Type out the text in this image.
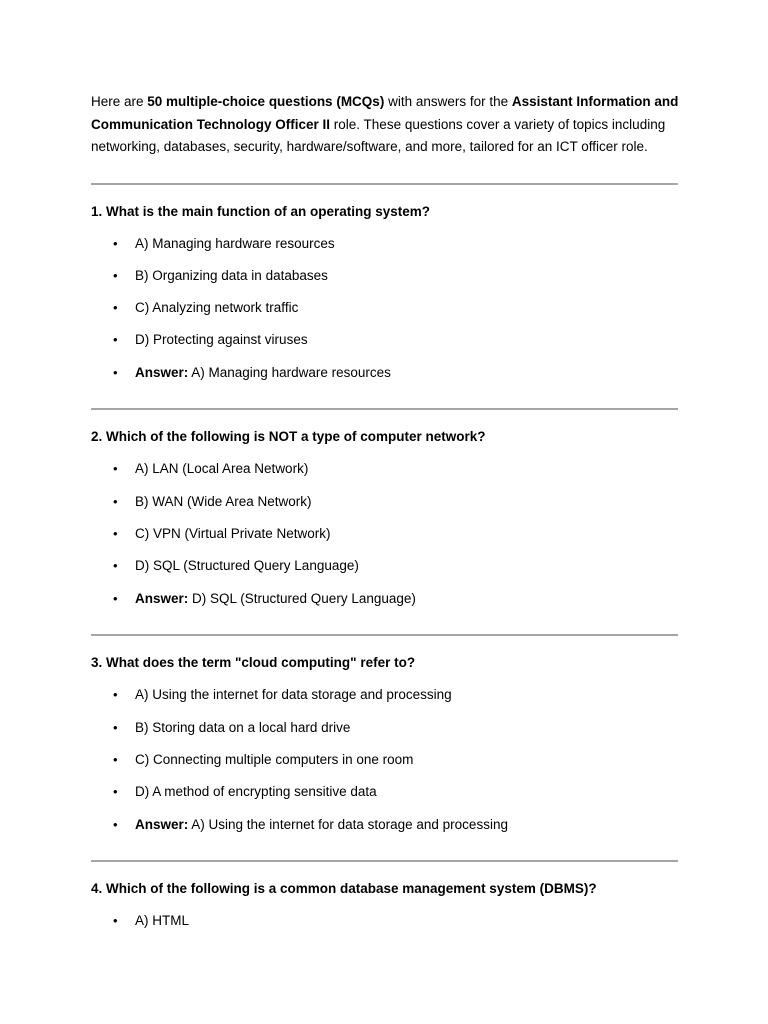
Here are 50 multiple-choice questions (MCQs) with answers for the Assistant Information and Communication Technology Officer II role. These questions cover a variety of topics including networking, databases, security, hardware/software, and more, tailored for an ICT officer role.

1. What is the main function of an operating system?

• A) Managing hardware resources
• B) Organizing data in databases
• C) Analyzing network traffic
• D) Protecting against viruses
• Answer: A) Managing hardware resources

2. Which of the following is NOT a type of computer network?

• A) LAN (Local Area Network)
• B) WAN (Wide Area Network)
• C) VPN (Virtual Private Network)
• D) SQL (Structured Query Language)
• Answer: D) SQL (Structured Query Language)

3. What does the term "cloud computing" refer to?

• A) Using the internet for data storage and processing
• B) Storing data on a local hard drive
• C) Connecting multiple computers in one room
• D) A method of encrypting sensitive data
• Answer: A) Using the internet for data storage and processing

4. Which of the following is a common database management system (DBMS)?

• A) HTML
